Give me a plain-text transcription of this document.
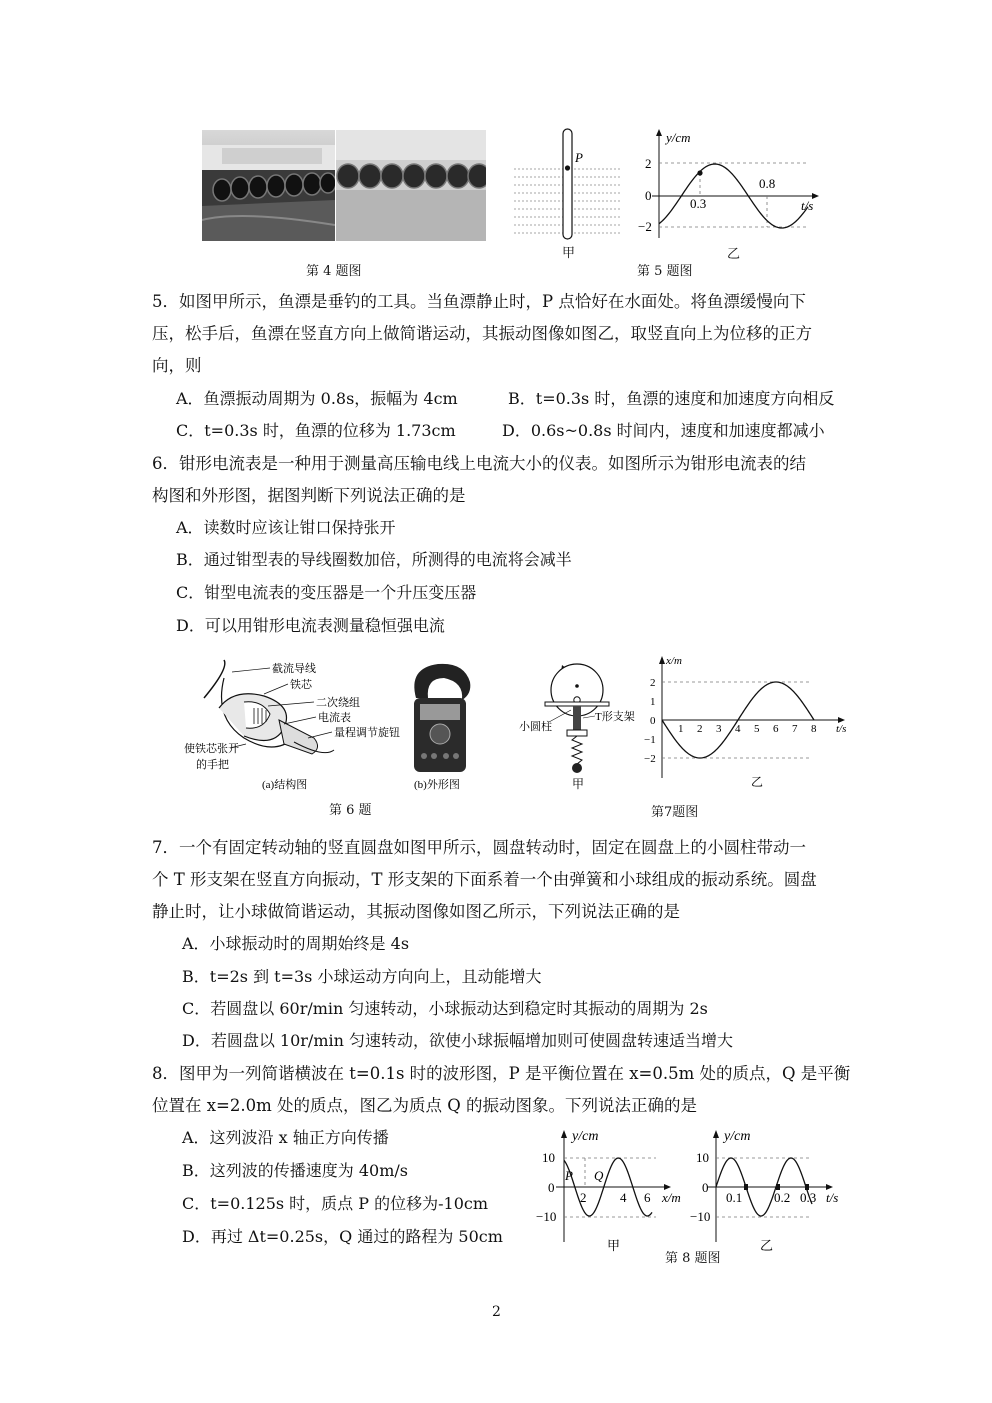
第 4 题图
P
甲
y/cm
t/s
2
0
−2
0.3
0.8
乙
第 5 题图
5．如图甲所示，鱼漂是垂钓的工具。当鱼漂静止时，P 点恰好在水面处。将鱼漂缓慢向下
压，松手后，鱼漂在竖直方向上做简谐运动，其振动图像如图乙，取竖直向上为位移的正方
向，则
A．鱼漂振动周期为 0.8s，振幅为 4cm	B．t=0.3s 时，鱼漂的速度和加速度方向相反
C．t=0.3s 时，鱼漂的位移为 1.73cm	D．0.6s~0.8s 时间内，速度和加速度都减小
6．钳形电流表是一种用于测量高压输电线上电流大小的仪表。如图所示为钳形电流表的结
构图和外形图，据图判断下列说法正确的是
A．读数时应该让钳口保持张开
B．通过钳型表的导线圈数加倍，所测得的电流将会减半
C．钳型电流表的变压器是一个升压变压器
D．可以用钳形电流表测量稳恒强电流
截流导线
铁芯
二次绕组
电流表
量程调节旋钮
使铁芯张开
的手把
(a)结构图	(b)外形图
第 6 题
小圆柱
T形支架
甲
x/m
t/s
2
1
0
−1
−2
1 2 3 4 5 6 7 8
乙
第7题图
7．一个有固定转动轴的竖直圆盘如图甲所示，圆盘转动时，固定在圆盘上的小圆柱带动一
个 T 形支架在竖直方向振动，T 形支架的下面系着一个由弹簧和小球组成的振动系统。圆盘
静止时，让小球做简谐运动，其振动图像如图乙所示，下列说法正确的是
A．小球振动时的周期始终是 4s
B．t=2s 到 t=3s 小球运动方向向上，且动能增大
C．若圆盘以 60r/min 匀速转动，小球振动达到稳定时其振动的周期为 2s
D．若圆盘以 10r/min 匀速转动，欲使小球振幅增加则可使圆盘转速适当增大
8．图甲为一列简谐横波在 t=0.1s 时的波形图，P 是平衡位置在 x=0.5m 处的质点，Q 是平衡
位置在 x=2.0m 处的质点，图乙为质点 Q 的振动图象。下列说法正确的是
A．这列波沿 x 轴正方向传播
B．这列波的传播速度为 40m/s
C．t=0.125s 时，质点 P 的位移为-10cm
D．再过 Δt=0.25s，Q 通过的路程为 50cm
y/cm
x/m
10
0
−10
P Q
2	4 6
甲
y/cm
t/s
10
0
−10
0.1 0.2 0.3
乙
第 8 题图
2
